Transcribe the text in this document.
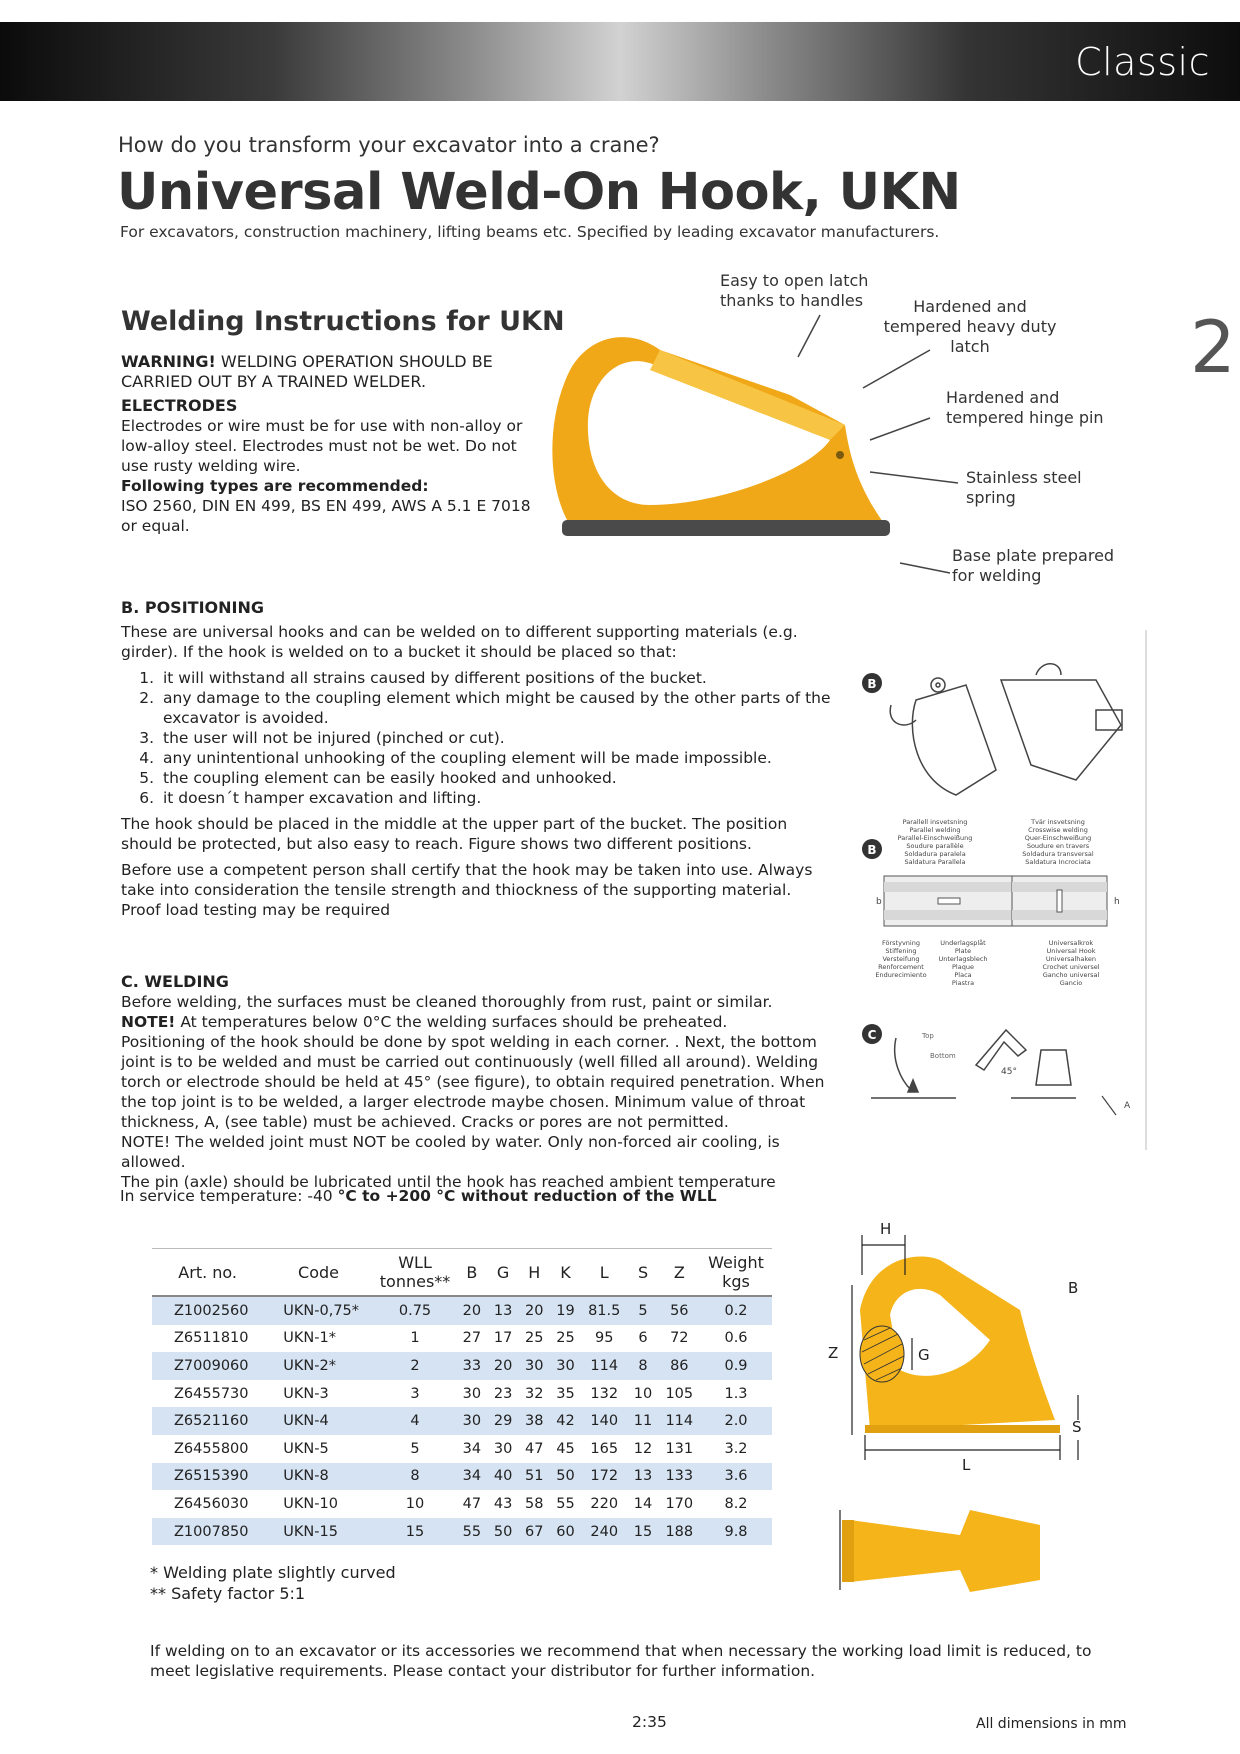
Classic
How do you transform your excavator into a crane?
Universal Weld-On Hook, UKN
For excavators, construction machinery, lifting beams etc. Specified by leading excavator manufacturers.
2
Welding Instructions for UKN
WARNING! WELDING OPERATION SHOULD BE CARRIED OUT BY A TRAINED WELDER.
ELECTRODES
Electrodes or wire must be for use with non-alloy or low-alloy steel. Electrodes must not be wet. Do not use rusty welding wire.
Following types are recommended:
ISO 2560, DIN EN 499, BS EN 499, AWS A 5.1 E 7018 or equal.
Easy to open latch thanks to handles	Hardened and tempered heavy duty latch
Hardened and tempered hinge pin
Stainless steel spring
Base plate prepared for welding
B. POSITIONING
These are universal hooks and can be welded on to different supporting materials (e.g. girder). If the hook is welded on to a bucket it should be placed so that:
1. it will withstand all strains caused by different positions of the bucket.
2. any damage to the coupling element which might be caused by the other parts of the excavator is avoided.
3. the user will not be injured (pinched or cut).
4. any unintentional unhooking of the coupling element will be made impossible.
5. the coupling element can be easily hooked and unhooked.
6. it doesn´t hamper excavation and lifting.
The hook should be placed in the middle at the upper part of the bucket. The position should be protected, but also easy to reach. Figure shows two different positions.
Before use a competent person shall certify that the hook may be taken into use. Always take into consideration the tensile strength and thiockness of the supporting material. Proof load testing may be required
C. WELDING
Before welding, the surfaces must be cleaned thoroughly from rust, paint or similar.
NOTE! At temperatures below 0°C the welding surfaces should be preheated.
Positioning of the hook should be done by spot welding in each corner. . Next, the bottom joint is to be welded and must be carried out continuously (well filled all around). Welding torch or electrode should be held at 45° (see figure), to obtain required penetration. When the top joint is to be welded, a larger electrode maybe chosen. Minimum value of throat thickness, A, (see table) must be achieved. Cracks or pores are not permitted.
NOTE! The welded joint must NOT be cooled by water. Only non-forced air cooling, is allowed.
The pin (axle) should be lubricated until the hook has reached ambient temperature
In service temperature: -40 °C to +200 °C without reduction of the WLL
B
B
Parallell insvetsning
Parallel welding
Parallel-Einschweißung
Soudure parallèle
Soldadura paralela
Saldatura Parallela
Tvär insvetsning
Crosswise welding
Quer-Einschweißung
Soudure en travers
Soldadura transversal
Saldatura Incrociata
b	h
Förstyvning
Stiffening
Versteifung
Renforcement
Endurecimiento
Underlagsplåt
Plate
Unterlagsblech
Plaque
Placa
Piastra
Universalkrok
Universal Hook
Universalhaken
Crochet universel
Gancho universal
Gancio
C	Top
Bottom
45°
A
Art. no.	Code	WLL tonnes**	B	G	H	K	L	S	Z	Weight kgs
Z1002560	UKN-0,75*	0.75	20	13	20	19	81.5	5	56	0.2
Z6511810	UKN-1*	1	27	17	25	25	95	6	72	0.6
Z7009060	UKN-2*	2	33	20	30	30	114	8	86	0.9
Z6455730	UKN-3	3	30	23	32	35	132	10	105	1.3
Z6521160	UKN-4	4	30	29	38	42	140	11	114	2.0
Z6455800	UKN-5	5	34	30	47	45	165	12	131	3.2
Z6515390	UKN-8	8	34	40	51	50	172	13	133	3.6
Z6456030	UKN-10	10	47	43	58	55	220	14	170	8.2
Z1007850	UKN-15	15	55	50	67	60	240	15	188	9.8
H
B
Z	G
S
L
* Welding plate slightly curved
** Safety factor 5:1
If welding on to an excavator or its accessories we recommend that when necessary the working load limit is reduced, to meet legislative requirements. Please contact your distributor for further information.
2:35	All dimensions in mm
